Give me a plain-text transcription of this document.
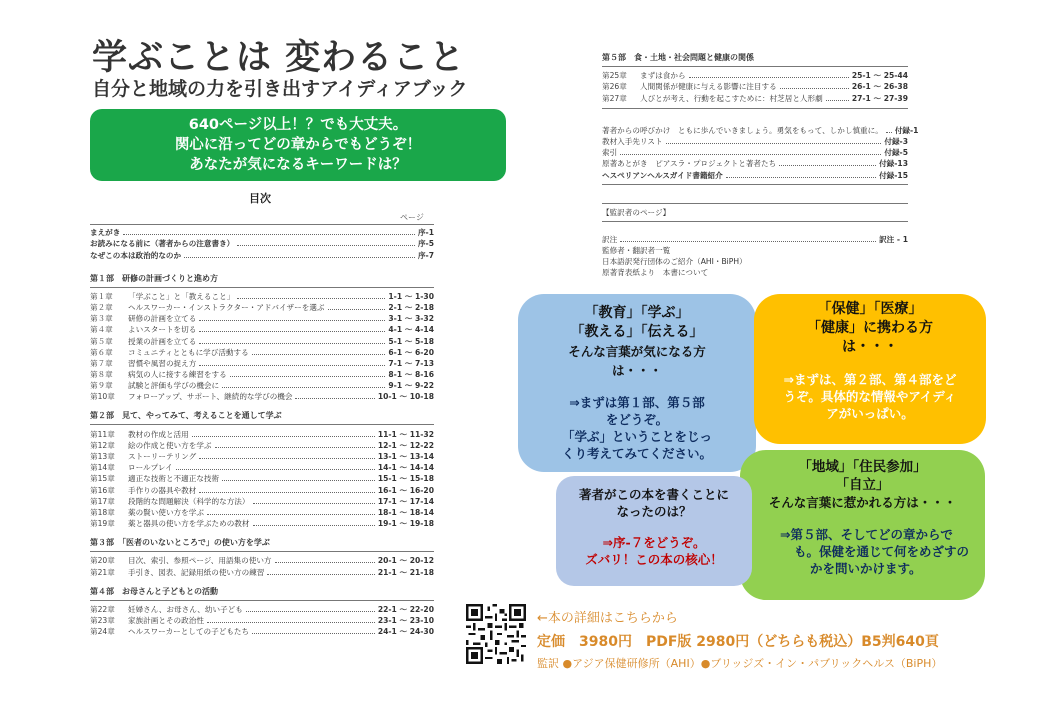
学ぶことは 変わること
自分と地域の力を引き出すアイディアブック
640ページ以上！？でも大丈夫。
関心に沿ってどの章からでもどうぞ！
あなたが気になるキーワードは？
目次
ページ
まえがき	序-1
お読みになる前に（著者からの注意書き）	序-5
なぜこの本は政治的なのか	序-7
第１部　研修の計画づくりと進め方
第１章	「学ぶこと」と「教えること」	1-1 〜 1-30
第２章	ヘルスワーカー・インストラクター・アドバイザーを選ぶ	2-1 〜 2-18
第３章	研修の計画を立てる	3-1 〜 3-32
第４章	よいスタートを切る	4-1 〜 4-14
第５章	授業の計画を立てる	5-1 〜 5-18
第６章	コミュニティとともに学び活動する	6-1 〜 6-20
第７章	習慣や風習の捉え方	7-1 〜 7-13
第８章	病気の人に接する練習をする	8-1 〜 8-16
第９章	試験と評価も学びの機会に	9-1 〜 9-22
第10章	フォローアップ、サポート、継続的な学びの機会	10-1 〜 10-18
第２部　見て、やってみて、考えることを通して学ぶ
第11章	教材の作成と活用	11-1 〜 11-32
第12章	絵の作成と使い方を学ぶ	12-1 〜 12-22
第13章	ストーリーテリング	13-1 〜 13-14
第14章	ロールプレイ	14-1 〜 14-14
第15章	適正な技術と不適正な技術	15-1 〜 15-18
第16章	手作りの器具や教材	16-1 〜 16-20
第17章	段階的な問題解決（科学的な方法）	17-1 〜 17-14
第18章	薬の賢い使い方を学ぶ	18-1 〜 18-14
第19章	薬と器具の使い方を学ぶための教材	19-1 〜 19-18
第３部　「医者のいないところで」の使い方を学ぶ
第20章	目次、索引、参照ページ、用語集の使い方	20-1 〜 20-12
第21章	手引き、図表、記録用紙の使い方の練習	21-1 〜 21-18
第４部　お母さんと子どもとの活動
第22章	妊婦さん、お母さん、幼い子ども	22-1 〜 22-20
第23章	家族計画とその政治性	23-1 〜 23-10
第24章	ヘルスワーカーとしての子どもたち	24-1 〜 24-30
第５部　食・土地・社会問題と健康の関係
第25章	まずは食から	25-1 〜 25-44
第26章	人間関係が健康に与える影響に注目する	26-1 〜 26-38
第27章	人びとが考え、行動を起こすために：村芝居と人形劇	27-1 〜 27-39
著者からの呼びかけ　ともに歩んでいきましょう。勇気をもって、しかし慎重に。 付録-1
教材入手先リスト	付録-3
索引	付録-5
原著あとがき　ピアスラ・プロジェクトと著者たち	付録-13
ヘスペリアンヘルスガイド書籍紹介	付録-15
【監訳者のページ】
訳注	訳注 - 1
監修者・翻訳者一覧
日本語訳発行団体のご紹介（AHI・BiPH）
原著背表紙より　本書について
「教育」「学ぶ」
「教える」「伝える」
そんな言葉が気になる方
は・・・
⇒まずは第１部、第５部
をどうぞ。
「学ぶ」ということをじっ
くり考えてみてください。
「保健」「医療」
「健康」に携わる方
は・・・
⇒まずは、第２部、第４部をど
うぞ。具体的な情報やアイディ
アがいっぱい。
「地域」「住民参加」
「自立」
そんな言葉に惹かれる方は・・・
⇒第５部、そしてどの章からで
も。保健を通じて何をめざすの
かを問いかけます。
著者がこの本を書くことに
なったのは？
⇒序-７をどうぞ。
ズバリ！この本の核心！
←本の詳細はこちらから
定価　3980円　PDF版 2980円（どちらも税込）B5判640頁
監訳 ●アジア保健研修所（AHI）●ブリッジズ・イン・パブリックヘルス（BiPH）
